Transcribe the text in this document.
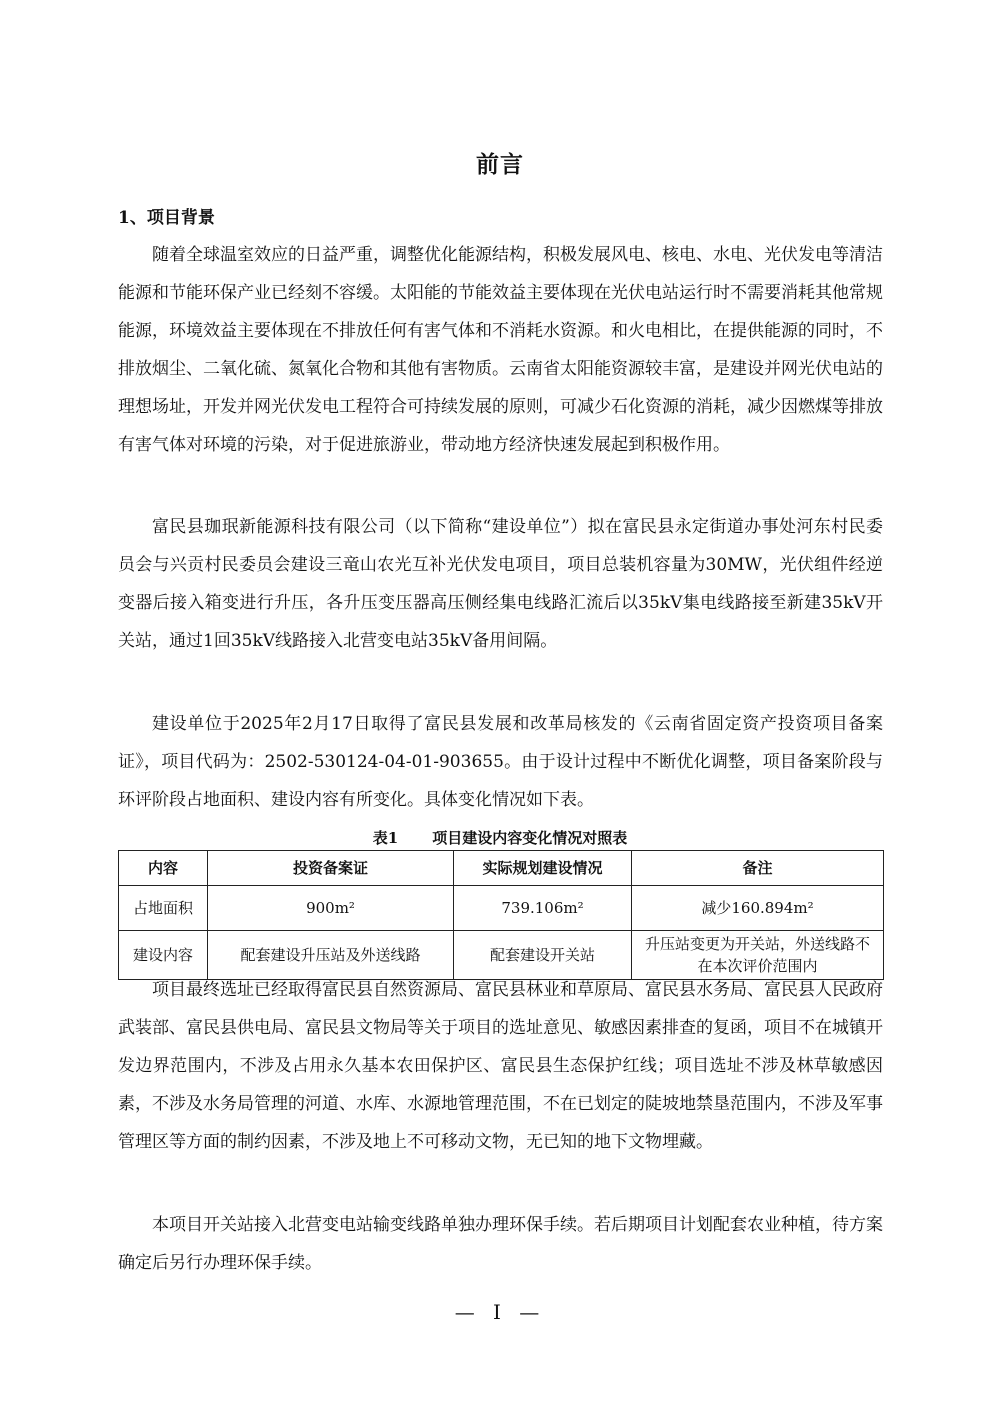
前言
1、项目背景

随着全球温室效应的日益严重，调整优化能源结构，积极发展风电、核电、水电、光伏发电等清洁能源和节能环保产业已经刻不容缓。太阳能的节能效益主要体现在光伏电站运行时不需要消耗其他常规能源，环境效益主要体现在不排放任何有害气体和不消耗水资源。和火电相比，在提供能源的同时，不排放烟尘、二氧化硫、氮氧化合物和其他有害物质。云南省太阳能资源较丰富，是建设并网光伏电站的理想场址，开发并网光伏发电工程符合可持续发展的原则，可减少石化资源的消耗，减少因燃煤等排放有害气体对环境的污染，对于促进旅游业，带动地方经济快速发展起到积极作用。

富民县珈珉新能源科技有限公司（以下简称“建设单位”）拟在富民县永定街道办事处河东村民委员会与兴贡村民委员会建设三竜山农光互补光伏发电项目，项目总装机容量为30MW，光伏组件经逆变器后接入箱变进行升压，各升压变压器高压侧经集电线路汇流后以35kV集电线路接至新建35kV开关站，通过1回35kV线路接入北营变电站35kV备用间隔。

建设单位于2025年2月17日取得了富民县发展和改革局核发的《云南省固定资产投资项目备案证》，项目代码为：2502-530124-04-01-903655。由于设计过程中不断优化调整，项目备案阶段与环评阶段占地面积、建设内容有所变化。具体变化情况如下表。

表1 项目建设内容变化情况对照表
内容	投资备案证	实际规划建设情况	备注
占地面积	900m²	739.106m²	减少160.894m²
建设内容	配套建设升压站及外送线路	配套建设开关站	升压站变更为开关站，外送线路不在本次评价范围内

项目最终选址已经取得富民县自然资源局、富民县林业和草原局、富民县水务局、富民县人民政府武装部、富民县供电局、富民县文物局等关于项目的选址意见、敏感因素排查的复函，项目不在城镇开发边界范围内，不涉及占用永久基本农田保护区、富民县生态保护红线；项目选址不涉及林草敏感因素，不涉及水务局管理的河道、水库、水源地管理范围，不在已划定的陡坡地禁垦范围内，不涉及军事管理区等方面的制约因素，不涉及地上不可移动文物，无已知的地下文物埋藏。

本项目开关站接入北营变电站输变线路单独办理环保手续。若后期项目计划配套农业种植，待方案确定后另行办理环保手续。

— I —
